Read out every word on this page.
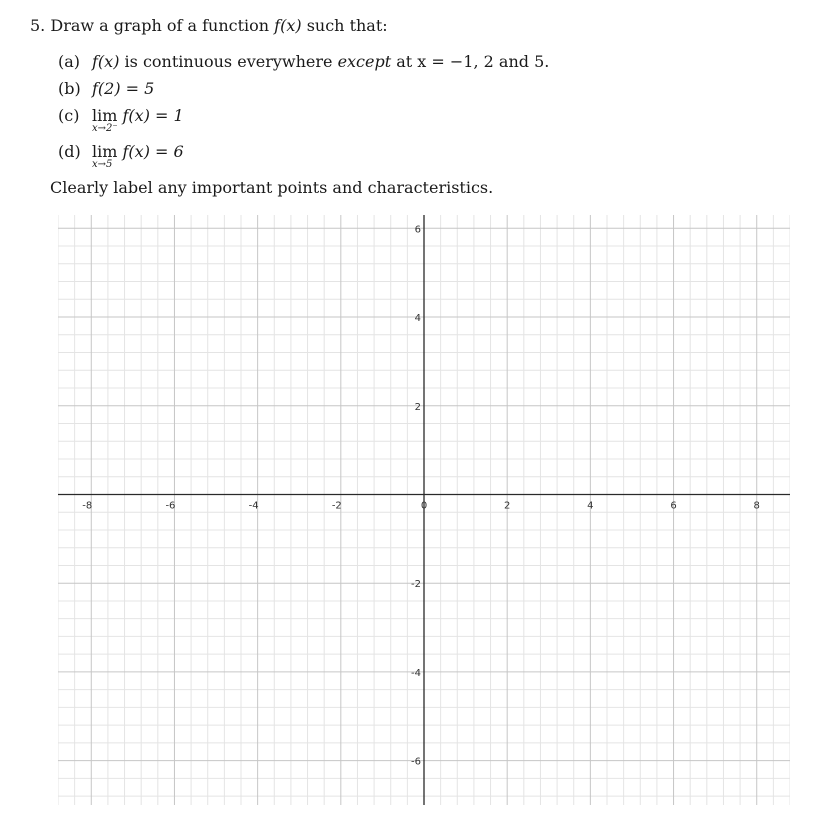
5. Draw a graph of a function f(x) such that:
(a) f(x) is continuous everywhere except at x = −1, 2 and 5.
(b) f(2) = 5
(c) lim
x→2⁻
f(x) = 1
(d) lim
x→5
f(x) = 6
Clearly label any important points and characteristics.
-8	-6	-4	-2	0	2	4	6	8
6
4
2
-2
-4
-6
